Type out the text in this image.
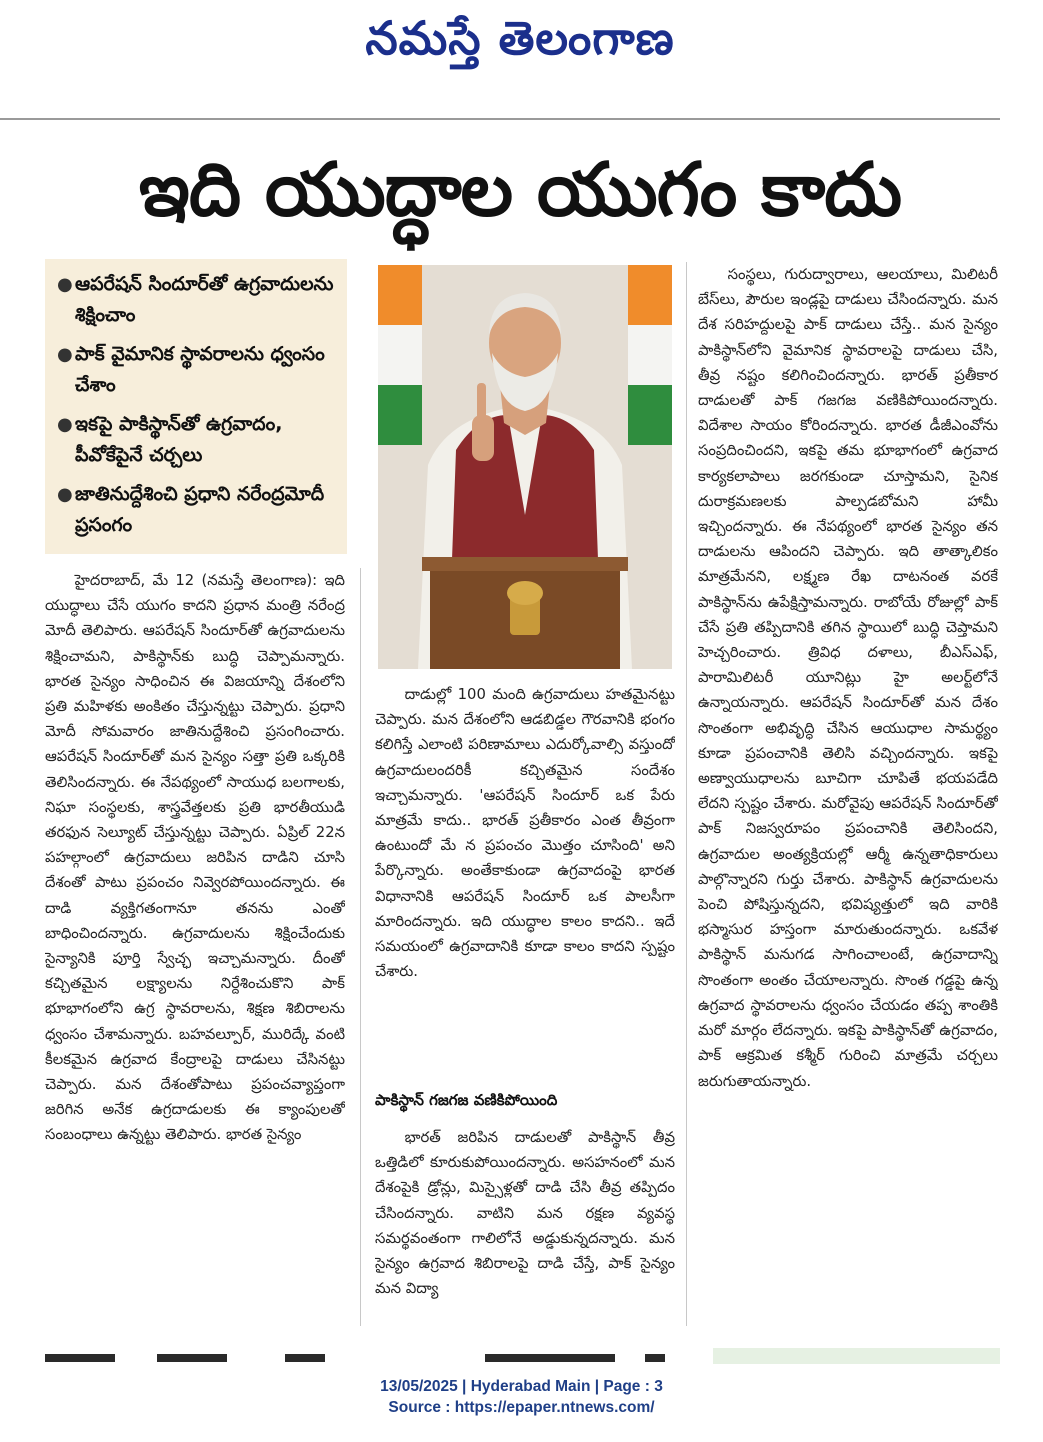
నమస్తే తెలంగాణ
ఇది యుద్ధాల యుగం కాదు
● ఆపరేషన్ సిందూర్‌తో ఉగ్రవాదులను శిక్షించాం
● పాక్ వైమానిక స్థావరాలను ధ్వంసం చేశాం
● ఇకపై పాకిస్థాన్‌తో ఉగ్రవాదం, పీవోకేపైనే చర్చలు
● జాతినుద్దేశించి ప్రధాని నరేంద్రమోదీ ప్రసంగం

హైదరాబాద్, మే 12 (నమస్తే తెలంగాణ): ఇది యుద్ధాలు చేసే యుగం కాదని ప్రధాన మంత్రి నరేంద్ర మోదీ తెలిపారు. ఆపరేషన్ సిందూర్‌తో ఉగ్రవాదులను శిక్షించామని, పాకిస్థాన్‌కు బుద్ధి చెప్పామన్నారు. భారత సైన్యం సాధించిన ఈ విజయాన్ని దేశంలోని ప్రతి మహిళకు అంకితం చేస్తున్నట్టు చెప్పారు. ప్రధాని మోదీ సోమవారం జాతినుద్దేశించి ప్రసంగించారు. ఆపరేషన్ సిందూర్‌తో మన సైన్యం సత్తా ప్రతి ఒక్కరికి తెలిసిందన్నారు. ఈ నేపథ్యంలో సాయుధ బలగాలకు, నిఘా సంస్థలకు, శాస్త్రవేత్తలకు ప్రతి భారతీయుడి తరఫున సెల్యూట్ చేస్తున్నట్టు చెప్పారు. ఏప్రిల్ 22న పహల్గాంలో ఉగ్రవాదులు జరిపిన దాడిని చూసి దేశంతో పాటు ప్రపంచం నివ్వెరపోయిందన్నారు. ఈ దాడి వ్యక్తిగతంగానూ తనను ఎంతో బాధించిందన్నారు. ఉగ్రవాదులను శిక్షించేందుకు సైన్యానికి పూర్తి స్వేచ్ఛ ఇచ్చామన్నారు. దీంతో కచ్చితమైన లక్ష్యాలను నిర్దేశించుకొని పాక్ భూభాగంలోని ఉగ్ర స్థావరాలను, శిక్షణ శిబిరాలను ధ్వంసం చేశామన్నారు. బహవల్పూర్, మురిద్కే వంటి కీలకమైన ఉగ్రవాద కేంద్రాలపై దాడులు చేసినట్టు చెప్పారు. మన దేశంతోపాటు ప్రపంచవ్యాప్తంగా జరిగిన అనేక ఉగ్రదాడులకు ఈ క్యాంపులతో సంబంధాలు ఉన్నట్టు తెలిపారు. భారత సైన్యం

దాడుల్లో 100 మంది ఉగ్రవాదులు హతమైనట్టు చెప్పారు. మన దేశంలోని ఆడబిడ్డల గౌరవానికి భంగం కలిగిస్తే ఎలాంటి పరిణామాలు ఎదుర్కోవాల్సి వస్తుందో ఉగ్రవాదులందరికీ కచ్చితమైన సందేశం ఇచ్చామన్నారు. 'ఆపరేషన్ సిందూర్ ఒక పేరు మాత్రమే కాదు.. భారత్ ప్రతీకారం ఎంత తీవ్రంగా ఉంటుందో మే న ప్రపంచం మొత్తం చూసింది' అని పేర్కొన్నారు. అంతేకాకుండా ఉగ్రవాదంపై భారత విధానానికి ఆపరేషన్ సిందూర్ ఒక పాలసీగా మారిందన్నారు. ఇది యుద్ధాల కాలం కాదని.. ఇదే సమయంలో ఉగ్రవాదానికి కూడా కాలం కాదని స్పష్టం చేశారు.

పాకిస్థాన్ గజగజ వణికిపోయింది

భారత్ జరిపిన దాడులతో పాకిస్థాన్ తీవ్ర ఒత్తిడిలో కూరుకుపోయిందన్నారు. అసహనంలో మన దేశంపైకి డ్రోన్లు, మిస్సైళ్లతో దాడి చేసి తీవ్ర తప్పిదం చేసిందన్నారు. వాటిని మన రక్షణ వ్యవస్థ సమర్థవంతంగా గాలిలోనే అడ్డుకున్నదన్నారు. మన సైన్యం ఉగ్రవాద శిబిరాలపై దాడి చేస్తే, పాక్ సైన్యం మన విద్యా

సంస్థలు, గురుద్వారాలు, ఆలయాలు, మిలిటరీ బేస్‌లు, పౌరుల ఇండ్లపై దాడులు చేసిందన్నారు. మన దేశ సరిహద్దులపై పాక్ దాడులు చేస్తే.. మన సైన్యం పాకిస్థాన్‌లోని వైమానిక స్థావరాలపై దాడులు చేసి, తీవ్ర నష్టం కలిగించిందన్నారు. భారత్ ప్రతీకార దాడులతో పాక్ గజగజ వణికిపోయిందన్నారు. విదేశాల సాయం కోరిందన్నారు. భారత డీజీఎంవోను సంప్రదించిందని, ఇకపై తమ భూభాగంలో ఉగ్రవాద కార్యకలాపాలు జరగకుండా చూస్తామని, సైనిక దురాక్రమణలకు పాల్పడబోమని హామీ ఇచ్చిందన్నారు. ఈ నేపథ్యంలో భారత సైన్యం తన దాడులను ఆపిందని చెప్పారు. ఇది తాత్కాలికం మాత్రమేనని, లక్ష్మణ రేఖ దాటనంత వరకే పాకిస్థాన్‌ను ఉపేక్షిస్తామన్నారు. రాబోయే రోజుల్లో పాక్ చేసే ప్రతి తప్పిదానికి తగిన స్థాయిలో బుద్ధి చెప్తామని హెచ్చరించారు. త్రివిధ దళాలు, బీఎస్ఎఫ్, పారామిలిటరీ యూనిట్లు హై అలర్ట్‌లోనే ఉన్నాయన్నారు. ఆపరేషన్ సిందూర్‌తో మన దేశం సొంతంగా అభివృద్ధి చేసిన ఆయుధాల సామర్థ్యం కూడా ప్రపంచానికి తెలిసి వచ్చిందన్నారు. ఇకపై అణ్వాయుధాలను బూచిగా చూపితే భయపడేది లేదని స్పష్టం చేశారు. మరోవైపు ఆపరేషన్ సిందూర్‌తో పాక్ నిజస్వరూపం ప్రపంచానికి తెలిసిందని, ఉగ్రవాదుల అంత్యక్రియల్లో ఆర్మీ ఉన్నతాధికారులు పాల్గొన్నారని గుర్తు చేశారు. పాకిస్థాన్ ఉగ్రవాదులను పెంచి పోషిస్తున్నదని, భవిష్యత్తులో ఇది వారికి భస్మాసుర హస్తంగా మారుతుందన్నారు. ఒకవేళ పాకిస్థాన్ మనుగడ సాగించాలంటే, ఉగ్రవాదాన్ని సొంతంగా అంతం చేయాలన్నారు. సొంత గడ్డపై ఉన్న ఉగ్రవాద స్థావరాలను ధ్వంసం చేయడం తప్ప శాంతికి మరో మార్గం లేదన్నారు. ఇకపై పాకిస్థాన్‌తో ఉగ్రవాదం, పాక్ ఆక్రమిత కశ్మీర్ గురించి మాత్రమే చర్చలు జరుగుతాయన్నారు.

13/05/2025 | Hyderabad Main | Page : 3
Source : https://epaper.ntnews.com/
